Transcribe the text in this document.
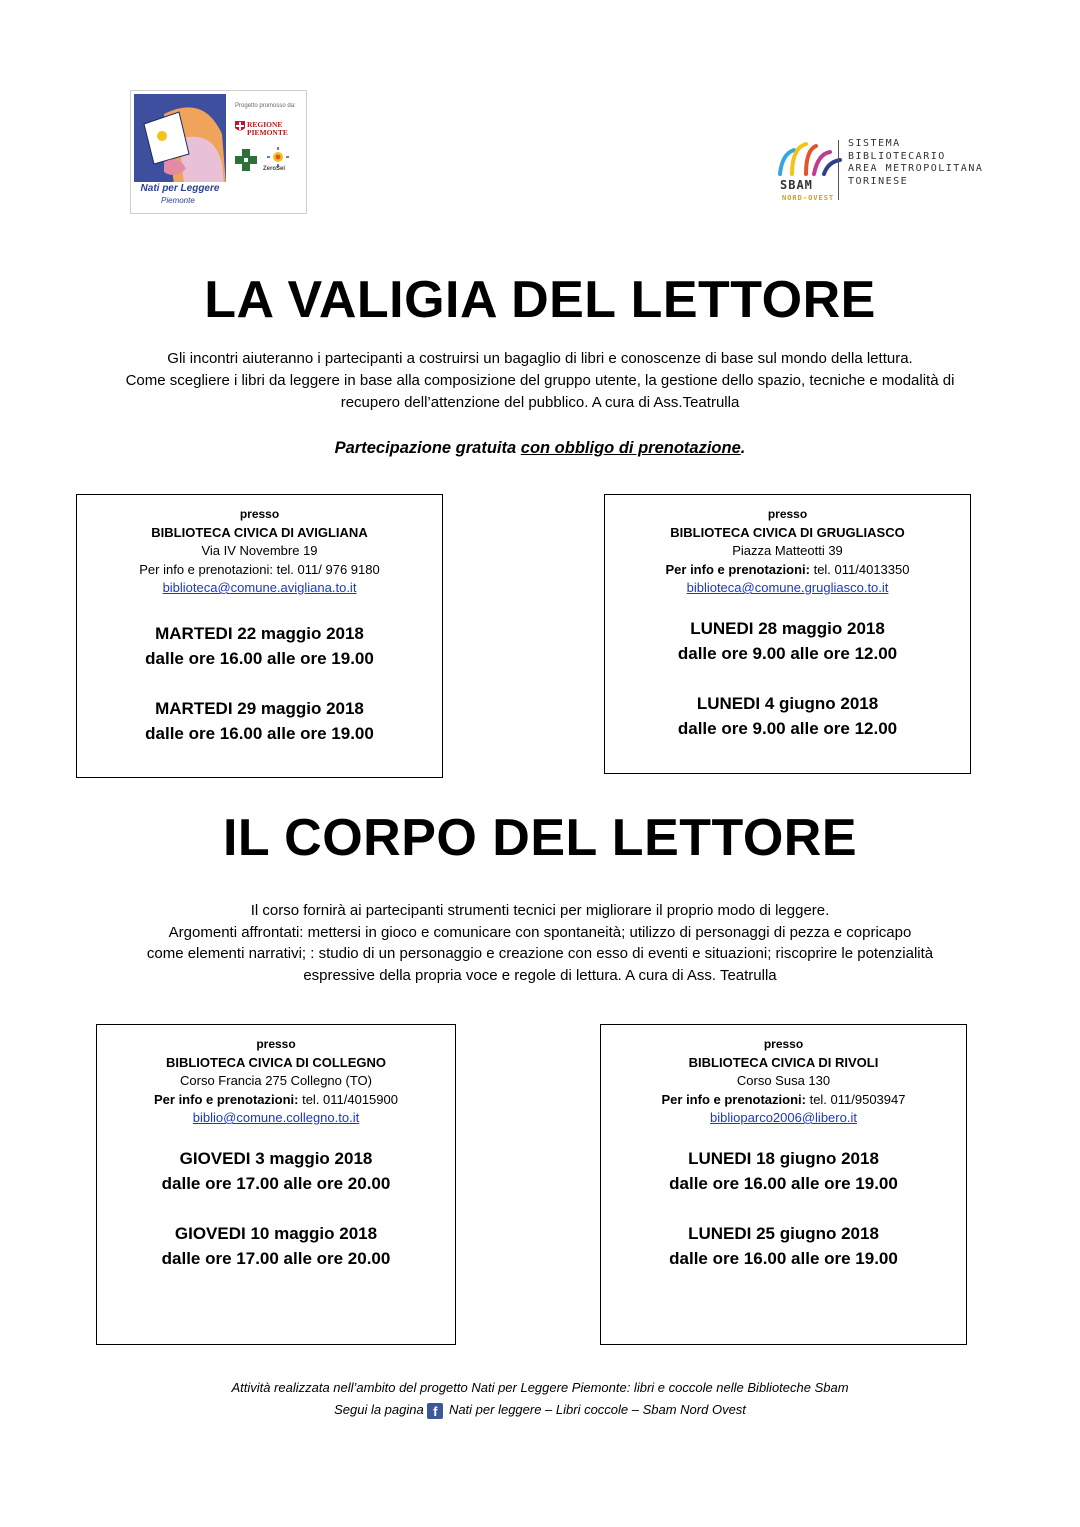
Nati per Leggere
Piemonte
Progetto promosso da:
REGIONE PIEMONTE
ZeroSei
SISTEMA
BIBLIOTECARIO
AREA METROPOLITANA
TORINESE
SBAM
NORD-OVEST
LA VALIGIA DEL LETTORE
Gli incontri aiuteranno i partecipanti a costruirsi un bagaglio di libri e conoscenze di base sul mondo della lettura.
Come scegliere i libri da leggere in base alla composizione del gruppo utente, la gestione dello spazio, tecniche e modalità di
recupero dell’attenzione del pubblico. A cura di Ass.Teatrulla
Partecipazione gratuita con obbligo di prenotazione.
presso
BIBLIOTECA CIVICA DI AVIGLIANA
Via IV Novembre 19
Per info e prenotazioni: tel. 011/ 976 9180
biblioteca@comune.avigliana.to.it
MARTEDI 22 maggio 2018
dalle ore 16.00 alle ore 19.00
MARTEDI 29 maggio 2018
dalle ore 16.00 alle ore 19.00
presso
BIBLIOTECA CIVICA DI GRUGLIASCO
Piazza Matteotti 39
Per info e prenotazioni: tel. 011/4013350
biblioteca@comune.grugliasco.to.it
LUNEDI 28 maggio 2018
dalle ore 9.00 alle ore 12.00
LUNEDI 4 giugno 2018
dalle ore 9.00 alle ore 12.00
IL CORPO DEL LETTORE
Il corso fornirà ai partecipanti strumenti tecnici per migliorare il proprio modo di leggere.
Argomenti affrontati: mettersi in gioco e comunicare con spontaneità; utilizzo di personaggi di pezza e copricapo
come elementi narrativi; : studio di un personaggio e creazione con esso di eventi e situazioni; riscoprire le potenzialità
espressive della propria voce e regole di lettura. A cura di Ass. Teatrulla
presso
BIBLIOTECA CIVICA DI COLLEGNO
Corso Francia 275 Collegno (TO)
Per info e prenotazioni: tel. 011/4015900
biblio@comune.collegno.to.it
GIOVEDI 3 maggio 2018
dalle ore 17.00 alle ore 20.00
GIOVEDI 10 maggio 2018
dalle ore 17.00 alle ore 20.00
presso
BIBLIOTECA CIVICA DI RIVOLI
Corso Susa 130
Per info e prenotazioni: tel. 011/9503947
biblioparco2006@libero.it
LUNEDI 18 giugno 2018
dalle ore 16.00 alle ore 19.00
LUNEDI 25 giugno 2018
dalle ore 16.00 alle ore 19.00
Attività realizzata nell’ambito del progetto Nati per Leggere Piemonte: libri e coccole nelle Biblioteche Sbam
Segui la pagina f Nati per leggere – Libri coccole – Sbam Nord Ovest
